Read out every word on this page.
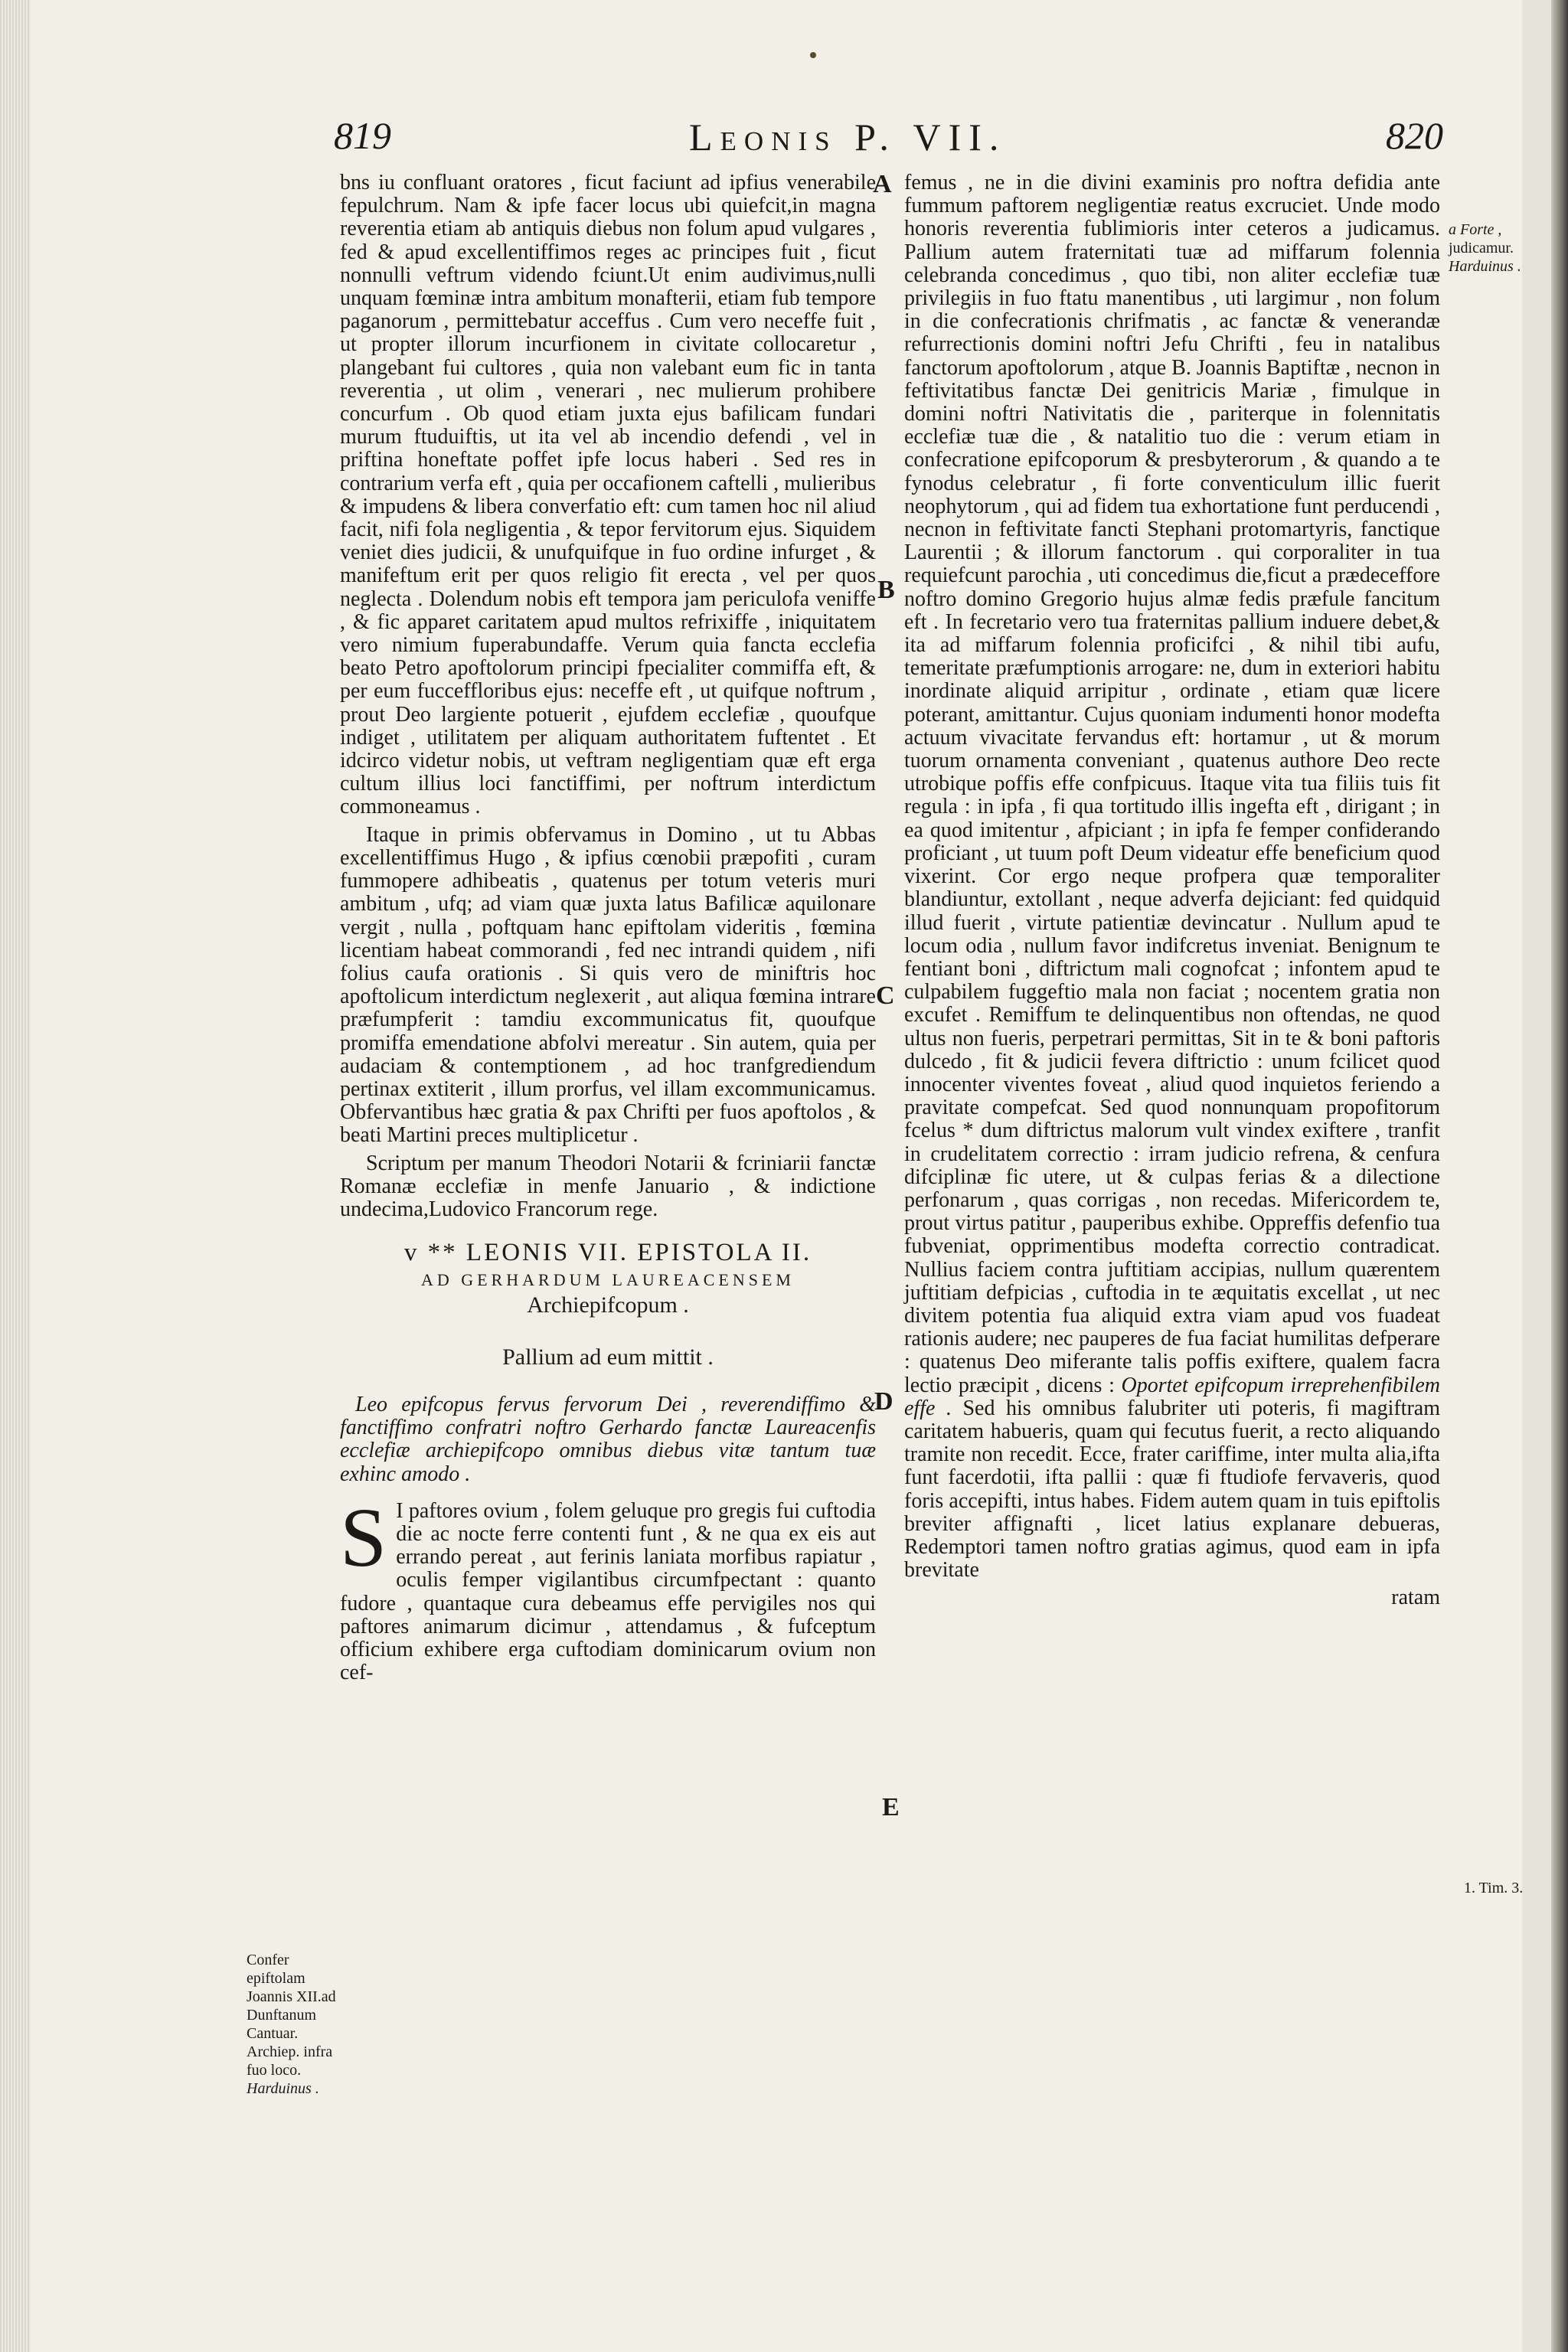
819	Leonis P. VII.	820
A
B
C
D
E

bns iu confluant oratores , ficut faciunt ad ipfius venerabile fepulchrum. Nam & ipfe facer locus ubi quiefcit,in magna reverentia etiam ab antiquis diebus non folum apud vulgares , fed & apud excellentiffimos reges ac principes fuit , ficut nonnulli veftrum videndo fciunt.Ut enim audivimus,nulli unquam fœminæ intra ambitum monafterii, etiam fub tempore paganorum , permittebatur acceffus . Cum vero neceffe fuit , ut propter illorum incurfionem in civitate collocaretur , plangebant fui cultores , quia non valebant eum fic in tanta reverentia , ut olim , venerari , nec mulierum prohibere concurfum . Ob quod etiam juxta ejus bafilicam fundari murum ftuduiftis, ut ita vel ab incendio defendi , vel in priftina honeftate poffet ipfe locus haberi . Sed res in contrarium verfa eft , quia per occafionem caftelli , mulieribus & impudens & libera converfatio eft: cum tamen hoc nil aliud facit, nifi fola negligentia , & tepor fervitorum ejus. Siquidem veniet dies judicii, & unufquifque in fuo ordine infurget , & manifeftum erit per quos religio fit erecta , vel per quos neglecta . Dolendum nobis eft tempora jam periculofa veniffe , & fic apparet caritatem apud multos refrixiffe , iniquitatem vero nimium fuperabundaffe. Verum quia fancta ecclefia beato Petro apoftolorum principi fpecialiter commiffa eft, & per eum fucceffloribus ejus: neceffe eft , ut quifque noftrum , prout Deo largiente potuerit , ejufdem ecclefiæ , quoufque indiget , utilitatem per aliquam authoritatem fuftentet . Et idcirco videtur nobis, ut veftram negligentiam quæ eft erga cultum illius loci fanctiffimi, per noftrum interdictum commoneamus .

Itaque in primis obfervamus in Domino , ut tu Abbas excellentiffimus Hugo , & ipfius cœnobii præpofiti , curam fummopere adhibeatis , quatenus per totum veteris muri ambitum , ufq; ad viam quæ juxta latus Bafilicæ aquilonare vergit , nulla , poftquam hanc epiftolam videritis , fœmina licentiam habeat commorandi , fed nec intrandi quidem , nifi folius caufa orationis . Si quis vero de miniftris hoc apoftolicum interdictum neglexerit , aut aliqua fœmina intrare præfumpferit : tamdiu excommunicatus fit, quoufque promiffa emendatione abfolvi mereatur . Sin autem, quia per audaciam & contemptionem , ad hoc tranfgrediendum pertinax extiterit , illum prorfus, vel illam excommunicamus. Obfervantibus hæc gratia & pax Chrifti per fuos apoftolos , & beati Martini preces multiplicetur .

Scriptum per manum Theodori Notarii & fcriniarii fanctæ Romanæ ecclefiæ in menfe Januario , & indictione undecima,Ludovico Francorum rege.

v ** LEONIS VII. EPISTOLA II.
AD GERHARDUM LAUREACENSEM
Archiepifcopum .
Pallium ad eum mittit .

Leo epifcopus fervus fervorum Dei , reverendiffimo & fanctiffimo confratri noftro Gerhardo fanctæ Laureacenfis ecclefiæ archiepifcopo omnibus diebus vitæ tantum tuæ exhinc amodo .

S I paftores ovium , folem geluque pro gregis fui cuftodia die ac nocte ferre contenti funt , & ne qua ex eis aut errando pereat , aut ferinis laniata morfibus rapiatur , oculis femper vigilantibus circumfpectant : quanto fudore , quantaque cura debeamus effe pervigiles nos qui paftores animarum dicimur , attendamus , & fufceptum officium exhibere erga cuftodiam dominicarum ovium non cef-

femus , ne in die divini examinis pro noftra defidia ante fummum paftorem negligentiæ reatus excruciet. Unde modo honoris reverentia fublimioris inter ceteros a judicamus. Pallium autem fraternitati tuæ ad miffarum folennia celebranda concedimus , quo tibi, non aliter ecclefiæ tuæ privilegiis in fuo ftatu manentibus , uti largimur , non folum in die confecrationis chrifmatis , ac fanctæ & venerandæ refurrectionis domini noftri Jefu Chrifti , feu in natalibus fanctorum apoftolorum , atque B. Joannis Baptiftæ , necnon in feftivitatibus fanctæ Dei genitricis Mariæ , fimulque in domini noftri Nativitatis die , pariterque in folennitatis ecclefiæ tuæ die , & natalitio tuo die : verum etiam in confecratione epifcoporum & presbyterorum , & quando a te fynodus celebratur , fi forte conventiculum illic fuerit neophytorum , qui ad fidem tua exhortatione funt perducendi , necnon in feftivitate fancti Stephani protomartyris, fanctique Laurentii ; & illorum fanctorum . qui corporaliter in tua requiefcunt parochia , uti concedimus die,ficut a prædeceffore noftro domino Gregorio hujus almæ fedis præfule fancitum eft . In fecretario vero tua fraternitas pallium induere debet,& ita ad miffarum folennia proficifci , & nihil tibi aufu, temeritate præfumptionis arrogare: ne, dum in exteriori habitu inordinate aliquid arripitur , ordinate , etiam quæ licere poterant, amittantur. Cujus quoniam indumenti honor modefta actuum vivacitate fervandus eft: hortamur , ut & morum tuorum ornamenta conveniant , quatenus authore Deo recte utrobique poffis effe confpicuus. Itaque vita tua filiis tuis fit regula : in ipfa , fi qua tortitudo illis ingefta eft , dirigant ; in ea quod imitentur , afpiciant ; in ipfa fe femper confiderando proficiant , ut tuum poft Deum videatur effe beneficium quod vixerint. Cor ergo neque profpera quæ temporaliter blandiuntur, extollant , neque adverfa dejiciant: fed quidquid illud fuerit , virtute patientiæ devincatur . Nullum apud te locum odia , nullum favor indifcretus inveniat. Benignum te fentiant boni , diftrictum mali cognofcat ; infontem apud te culpabilem fuggeftio mala non faciat ; nocentem gratia non excufet . Remiffum te delinquentibus non oftendas, ne quod ultus non fueris, perpetrari permittas, Sit in te & boni paftoris dulcedo , fit & judicii fevera diftrictio : unum fcilicet quod innocenter viventes foveat , aliud quod inquietos feriendo a pravitate compefcat. Sed quod nonnunquam propofitorum fcelus * dum diftrictus malorum vult vindex exiftere , tranfit in crudelitatem correctio : irram judicio refrena, & cenfura difciplinæ fic utere, ut & culpas ferias & a dilectione perfonarum , quas corrigas , non recedas. Mifericordem te, prout virtus patitur , pauperibus exhibe. Oppreffis defenfio tua fubveniat, opprimentibus modefta correctio contradicat. Nullius faciem contra juftitiam accipias, nullum quærentem juftitiam defpicias , cuftodia in te æquitatis excellat , ut nec divitem potentia fua aliquid extra viam apud vos fuadeat rationis audere; nec pauperes de fua faciat humilitas defperare : quatenus Deo miferante talis poffis exiftere, qualem facra lectio præcipit , dicens : Oportet epifcopum irreprehenfibilem effe . Sed his omnibus falubriter uti poteris, fi magiftram caritatem habueris, quam qui fecutus fuerit, a recto aliquando tramite non recedit. Ecce, frater cariffime, inter multa alia,ifta funt facerdotii, ifta pallii : quæ fi ftudiofe fervaveris, quod foris accepifti, intus habes. Fidem autem quam in tuis epiftolis breviter affignafti , licet latius explanare debueras, Redemptori tamen noftro gratias agimus, quod eam in ipfa brevitate

ratam
Confer epiftolam Joannis XII.ad Dunftanum Cantuar. Archiep. infra fuo loco. Harduinus .
a Forte ,
judicamur.
Harduinus .
1. Tim. 3.
